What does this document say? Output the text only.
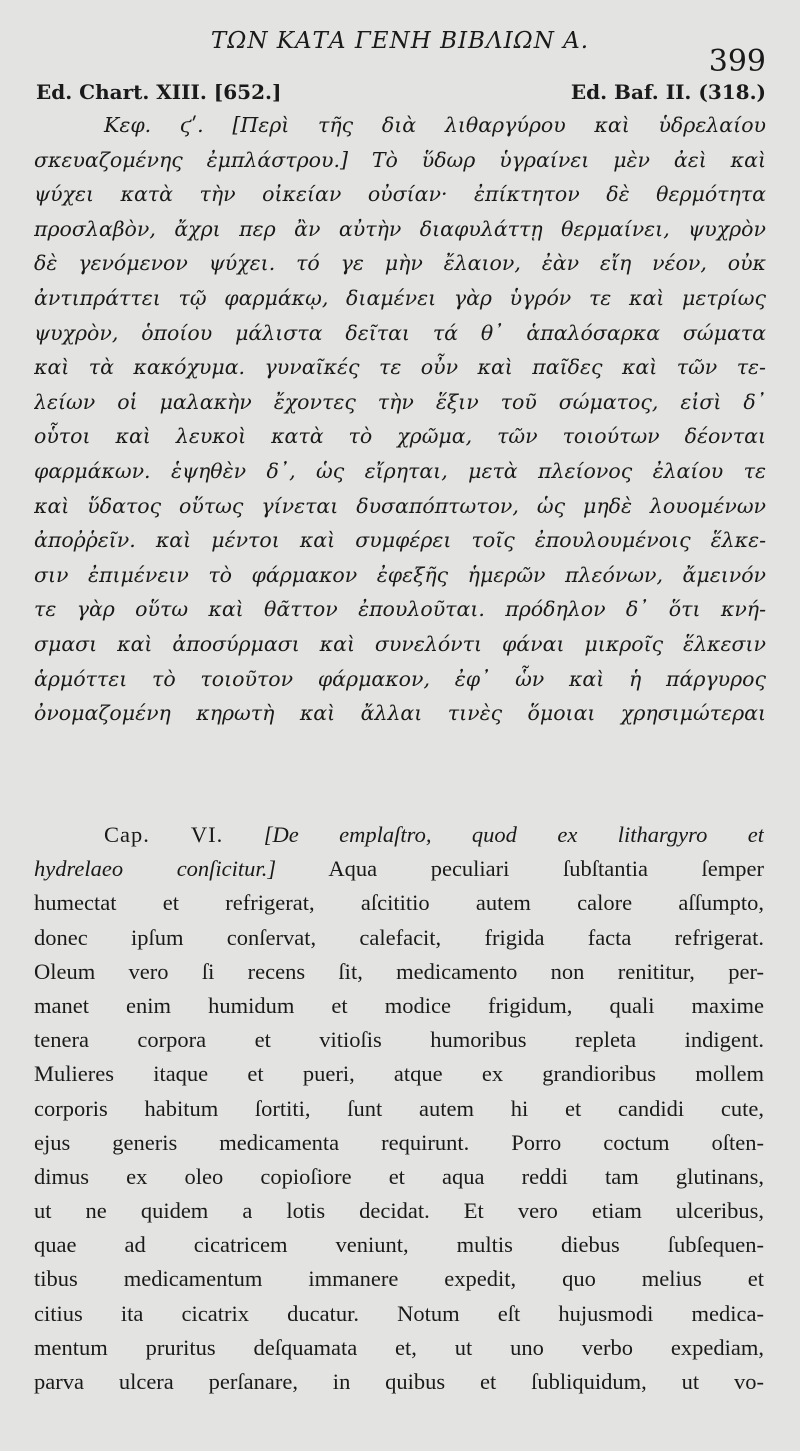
ΤΩΝ ΚΑΤΑ ΓΕΝΗ ΒΙΒΛΙΩΝ Α.
399
Ed. Chart. XIII. [652.]	Ed. Baf. II. (318.)
Κεφ. ϛʹ. [Περὶ τῆς διὰ λιθαργύρου καὶ ὑδρελαίου
σκευαζομένης ἐμπλάστρου.] Τὸ ὕδωρ ὑγραίνει μὲν ἀεὶ καὶ
ψύχει κατὰ τὴν οἰκείαν οὐσίαν· ἐπίκτητον δὲ θερμότητα
προσλαβὸν, ἄχρι περ ἂν αὐτὴν διαφυλάττῃ θερμαίνει, ψυχρὸν
δὲ γενόμενον ψύχει. τό γε μὴν ἔλαιον, ἐὰν εἴη νέον, οὐκ
ἀντιπράττει τῷ φαρμάκῳ, διαμένει γὰρ ὑγρόν τε καὶ μετρίως
ψυχρὸν, ὁποίου μάλιστα δεῖται τά θ᾽ ἁπαλόσαρκα σώματα
καὶ τὰ κακόχυμα. γυναῖκές τε οὖν καὶ παῖδες καὶ τῶν τε-
λείων οἱ μαλακὴν ἔχοντες τὴν ἕξιν τοῦ σώματος, εἰσὶ δ᾽
οὗτοι καὶ λευκοὶ κατὰ τὸ χρῶμα, τῶν τοιούτων δέονται
φαρμάκων. ἑψηθὲν δ᾽, ὡς εἴρηται, μετὰ πλείονος ἐλαίου τε
καὶ ὕδατος οὕτως γίνεται δυσαπόπτωτον, ὡς μηδὲ λουομένων
ἀποῤῥεῖν. καὶ μέντοι καὶ συμφέρει τοῖς ἐπουλουμένοις ἕλκε-
σιν ἐπιμένειν τὸ φάρμακον ἐφεξῆς ἡμερῶν πλεόνων, ἄμεινόν
τε γὰρ οὕτω καὶ θᾶττον ἐπουλοῦται. πρόδηλον δ᾽ ὅτι κνή-
σμασι καὶ ἀποσύρμασι καὶ συνελόντι φάναι μικροῖς ἕλκεσιν
ἁρμόττει τὸ τοιοῦτον φάρμακον, ἐφ᾽ ὧν καὶ ἡ πάργυρος
ὀνομαζομένη κηρωτὴ καὶ ἄλλαι τινὲς ὅμοιαι χρησιμώτεραι
Cap. VI. [De emplaſtro, quod ex lithargyro et
hydrelaeo conſicitur.] Aqua peculiari ſubſtantia ſemper
humectat et refrigerat, aſcititio autem calore aſſumpto,
donec ipſum conſervat, calefacit, frigida facta refrigerat.
Oleum vero ſi recens ſit, medicamento non renititur, per-
manet enim humidum et modice frigidum, quali maxime
tenera corpora et vitioſis humoribus repleta indigent.
Mulieres itaque et pueri, atque ex grandioribus mollem
corporis habitum ſortiti, ſunt autem hi et candidi cute,
ejus generis medicamenta requirunt. Porro coctum oſten-
dimus ex oleo copioſiore et aqua reddi tam glutinans,
ut ne quidem a lotis decidat. Et vero etiam ulceribus,
quae ad cicatricem veniunt, multis diebus ſubſequen-
tibus medicamentum immanere expedit, quo melius et
citius ita cicatrix ducatur. Notum eſt hujusmodi medica-
mentum pruritus deſquamata et, ut uno verbo expediam,
parva ulcera perſanare, in quibus et ſubliquidum, ut vo-
